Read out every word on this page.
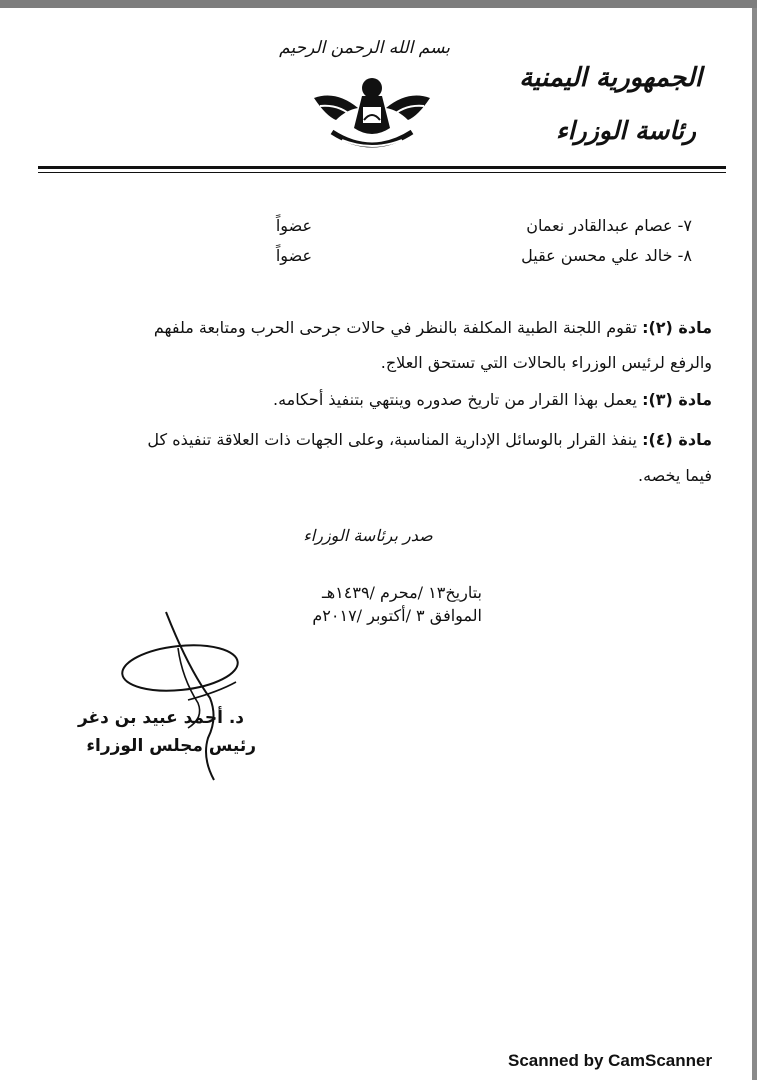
بسم الله الرحمن الرحيم
الجمهورية اليمنية
رئاسة الوزراء
٧- عصام عبدالقادر نعمان
عضواً
٨- خالد علي محسن عقيل
عضواً
مادة (٢): تقوم اللجنة الطبية المكلفة بالنظر في حالات جرحى الحرب ومتابعة ملفهم
والرفع لرئيس الوزراء بالحالات التي تستحق العلاج.
مادة (٣): يعمل بهذا القرار من تاريخ صدوره وينتهي بتنفيذ أحكامه.
مادة (٤): ينفذ القرار بالوسائل الإدارية المناسبة، وعلى الجهات ذات العلاقة تنفيذه كل
فيما يخصه.
صدر برئاسة الوزراء
بتاريخ١٣ /محرم /١٤٣٩هـ
الموافق ٣ /أكتوبر /٢٠١٧م
د. أحمد عبيد بن دغر
رئيس مجلس الوزراء
Scanned by CamScanner
